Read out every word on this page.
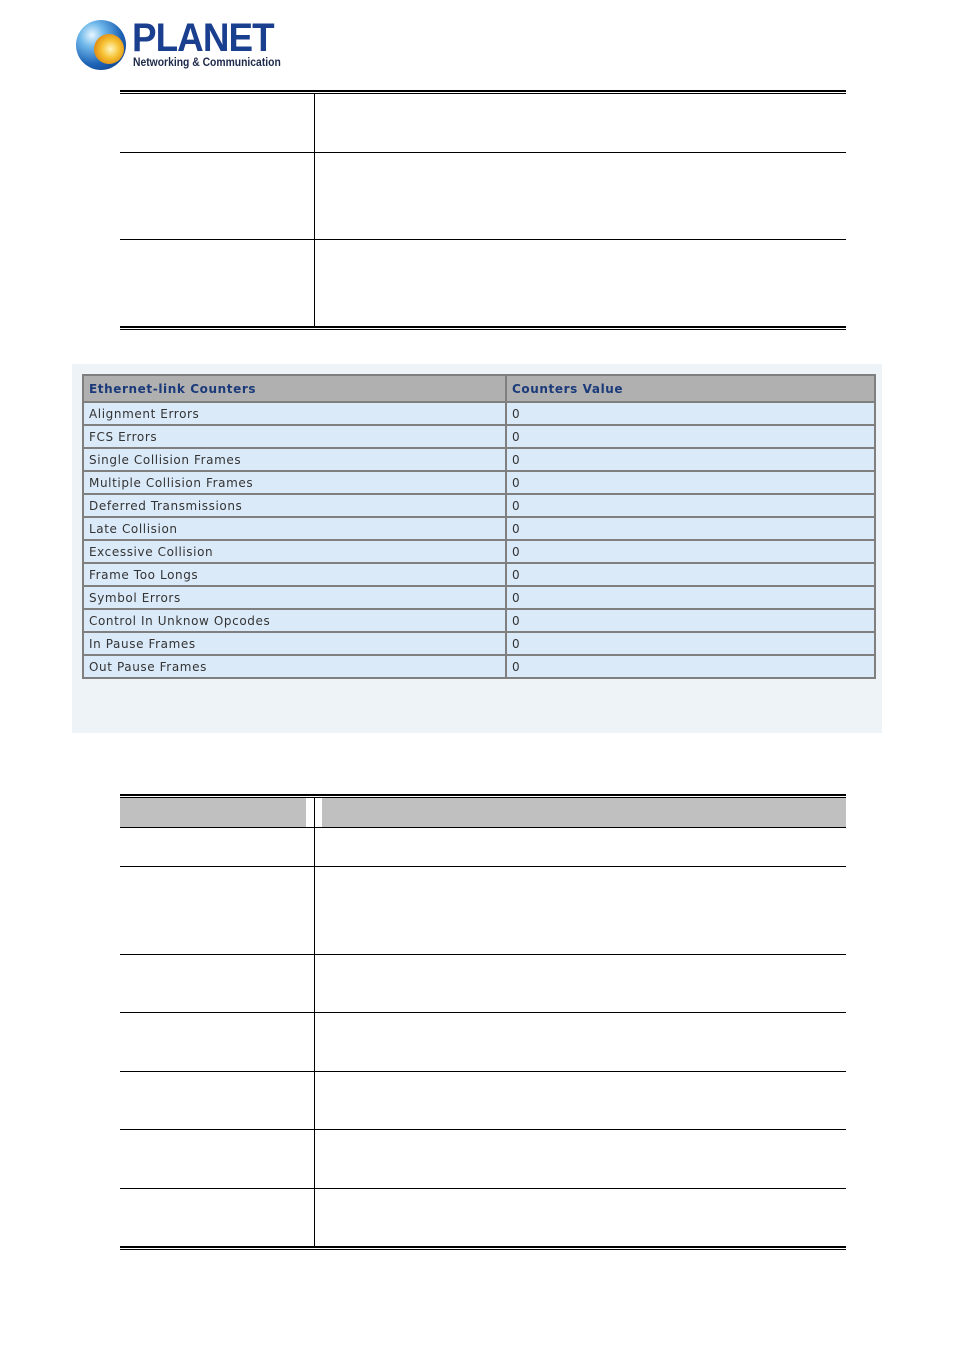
PLANET
Networking & Communication
Ethernet-link Counters	Counters Value
Alignment Errors	0
FCS Errors	0
Single Collision Frames	0
Multiple Collision Frames	0
Deferred Transmissions	0
Late Collision	0
Excessive Collision	0
Frame Too Longs	0
Symbol Errors	0
Control In Unknow Opcodes	0
In Pause Frames	0
Out Pause Frames	0
